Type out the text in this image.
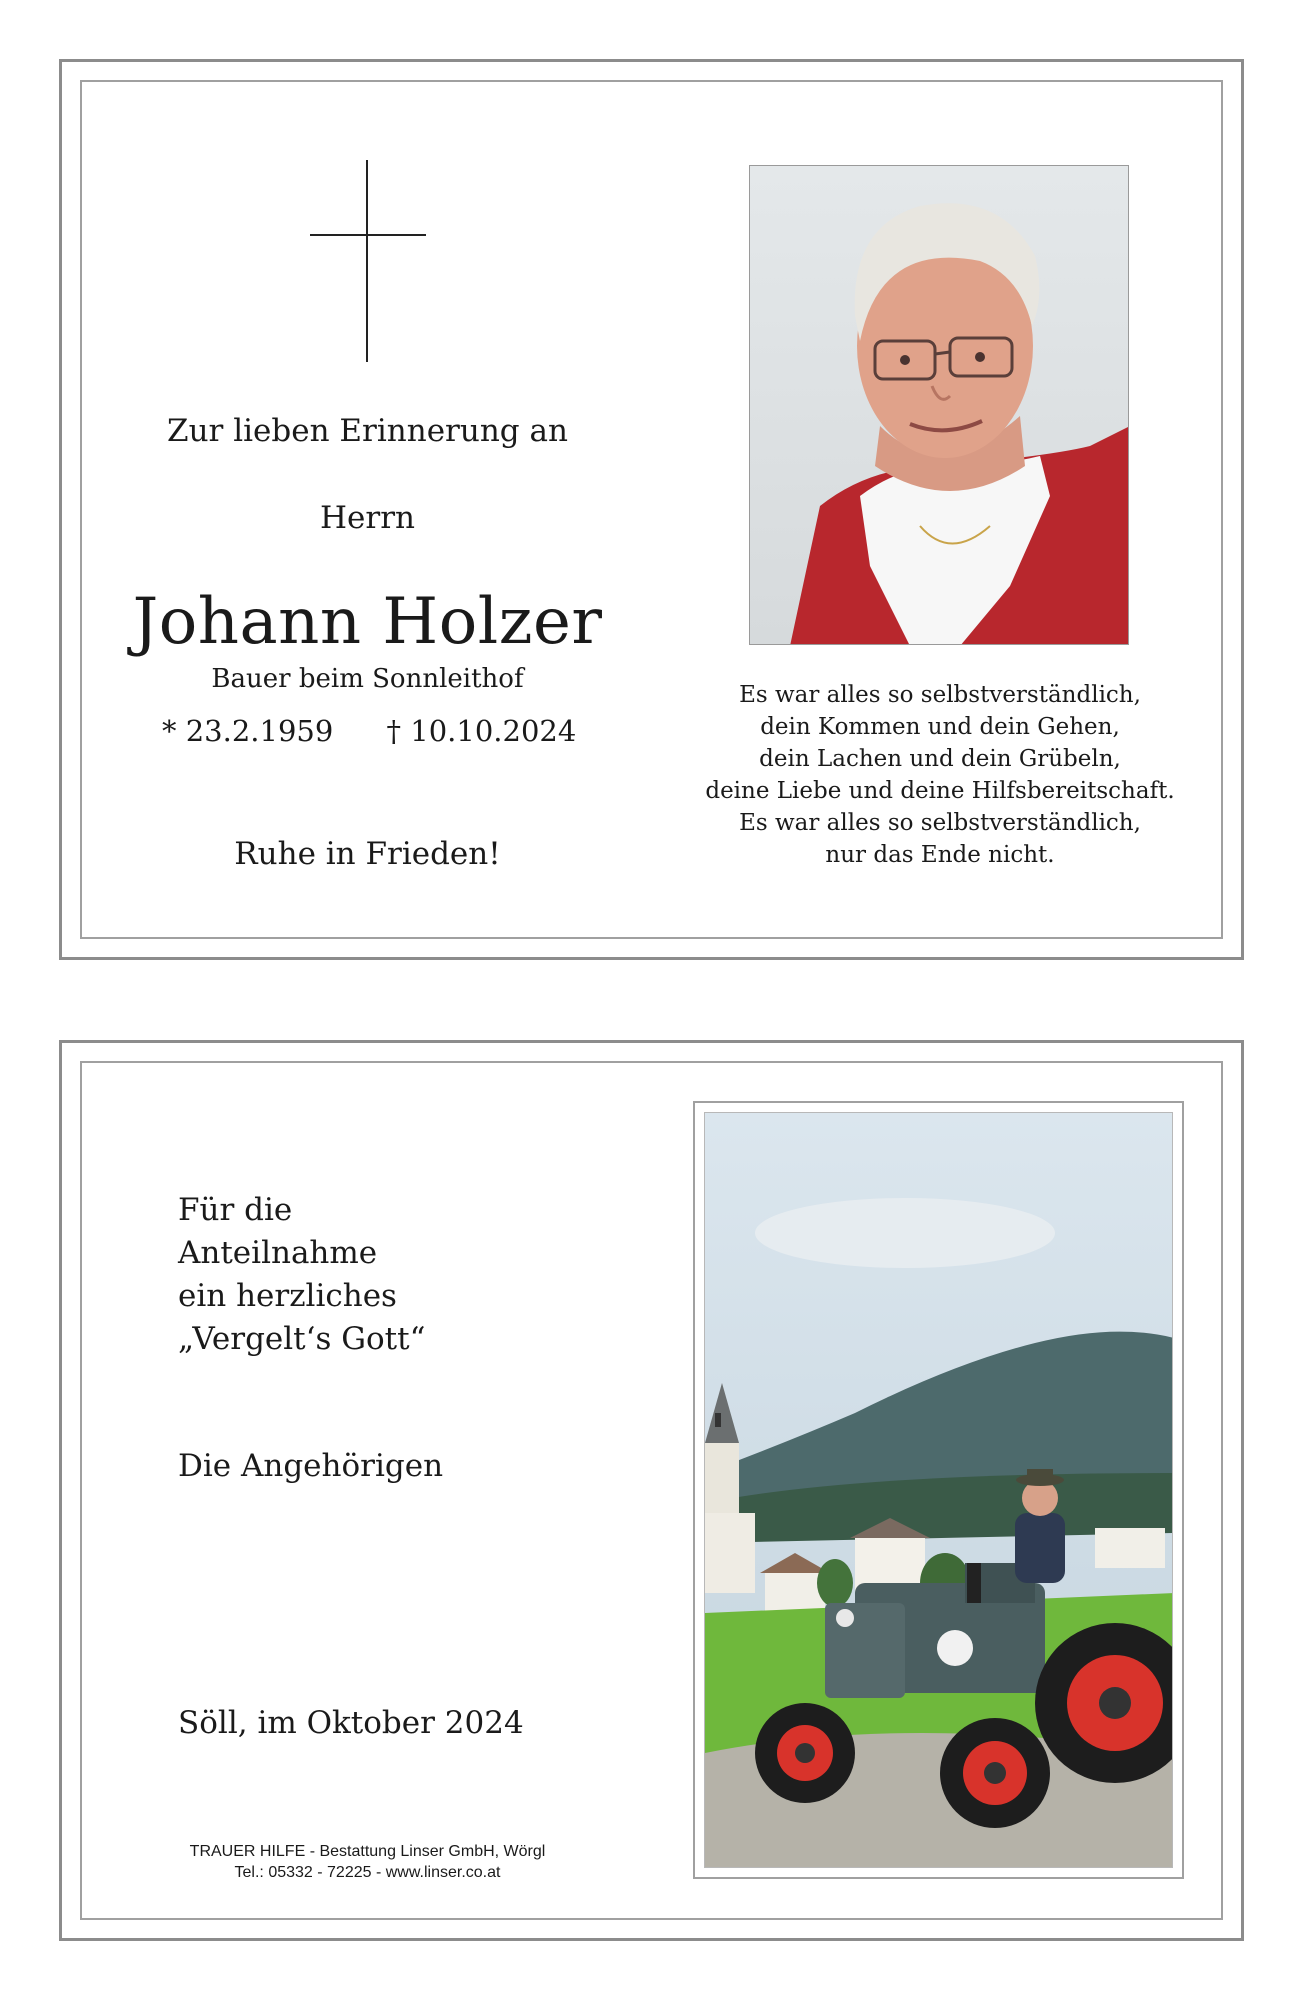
Zur lieben Erinnerung an
Herrn
Johann Holzer
Bauer beim Sonnleithof
* 23.2.1959 † 10.10.2024
Ruhe in Frieden!
Es war alles so selbstverständlich,
dein Kommen und dein Gehen,
dein Lachen und dein Grübeln,
deine Liebe und deine Hilfsbereitschaft.
Es war alles so selbstverständlich,
nur das Ende nicht.
Für die
Anteilnahme
ein herzliches
„Vergelt‘s Gott“
Die Angehörigen
Söll, im Oktober 2024
TRAUER HILFE - Bestattung Linser GmbH, Wörgl
Tel.: 05332 - 72225 - www.linser.co.at
